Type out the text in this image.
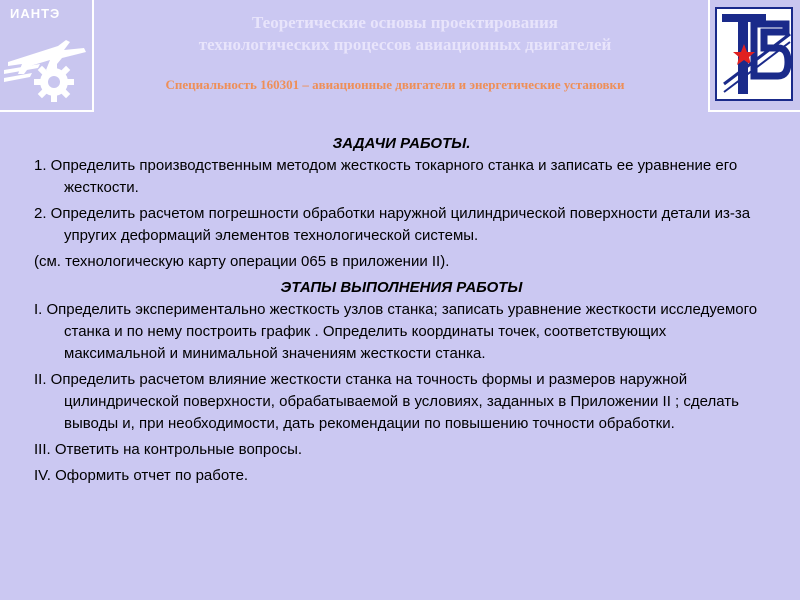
ИАНТЭ	Теоретические основы проектирования
технологических процессов авиационных двигателей
Специальность 160301 – авиационные двигатели и энергетические установки
ЗАДАЧИ РАБОТЫ.
1. Определить производственным методом жесткость токарного станка и записать ее уравнение его жесткости.
2. Определить расчетом погрешности обработки наружной цилиндрической поверхности детали из-за упругих деформаций элементов технологической системы.
(см. технологическую карту операции 065 в приложении II).
ЭТАПЫ ВЫПОЛНЕНИЯ РАБОТЫ
I. Определить экспериментально жесткость узлов станка; записать уравнение жесткости исследуемого станка и по нему построить график . Определить координаты точек, соответствующих максимальной и минимальной значениям жесткости станка.
II. Определить расчетом влияние жесткости станка на точность формы и размеров наружной цилиндрической поверхности, обрабатываемой в условиях, заданных в Приложении II ; сделать выводы и, при необходимости, дать рекомендации по повышению точности обработки.
III. Ответить на контрольные вопросы.
IV. Оформить отчет по работе.
